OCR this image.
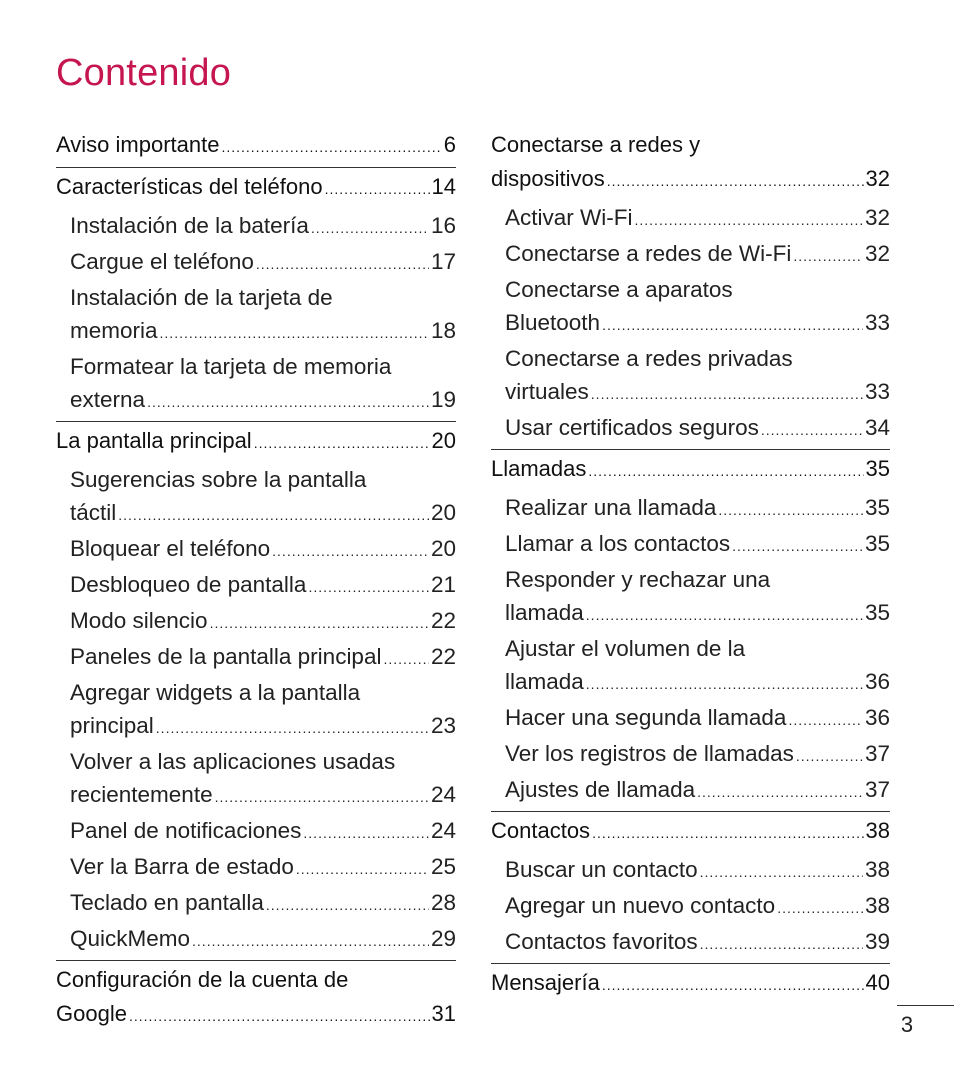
Contenido
Aviso importante .....	6
Características del teléfono .....	14
Instalación de la batería .....	16
Cargue el teléfono .....	17
Instalación de la tarjeta de
memoria .....	18
Formatear la tarjeta de memoria
externa .....	19
La pantalla principal .....	20
Sugerencias sobre la pantalla
táctil .....	20
Bloquear el teléfono .....	20
Desbloqueo de pantalla .....	21
Modo silencio .....	22
Paneles de la pantalla principal ..... 22
Agregar widgets a la pantalla
principal .....	23
Volver a las aplicaciones usadas
recientemente .....	24
Panel de notificaciones .....	24
Ver la Barra de estado .....	25
Teclado en pantalla .....	28
QuickMemo .....	29
Configuración de la cuenta de
Google .....	31
Conectarse a redes y
dispositivos .....	32
Activar Wi-Fi .....	32
Conectarse a redes de Wi-Fi .....	32
Conectarse a aparatos
Bluetooth .....	33
Conectarse a redes privadas
virtuales .....	33
Usar certificados seguros .....	34
Llamadas .....	35
Realizar una llamada .....	35
Llamar a los contactos .....	35
Responder y rechazar una
llamada .....	35
Ajustar el volumen de la
llamada .....	36
Hacer una segunda llamada .....	36
Ver los registros de llamadas .....	37
Ajustes de llamada .....	37
Contactos .....	38
Buscar un contacto .....	38
Agregar un nuevo contacto .....	38
Contactos favoritos .....	39
Mensajería .....	40
3
